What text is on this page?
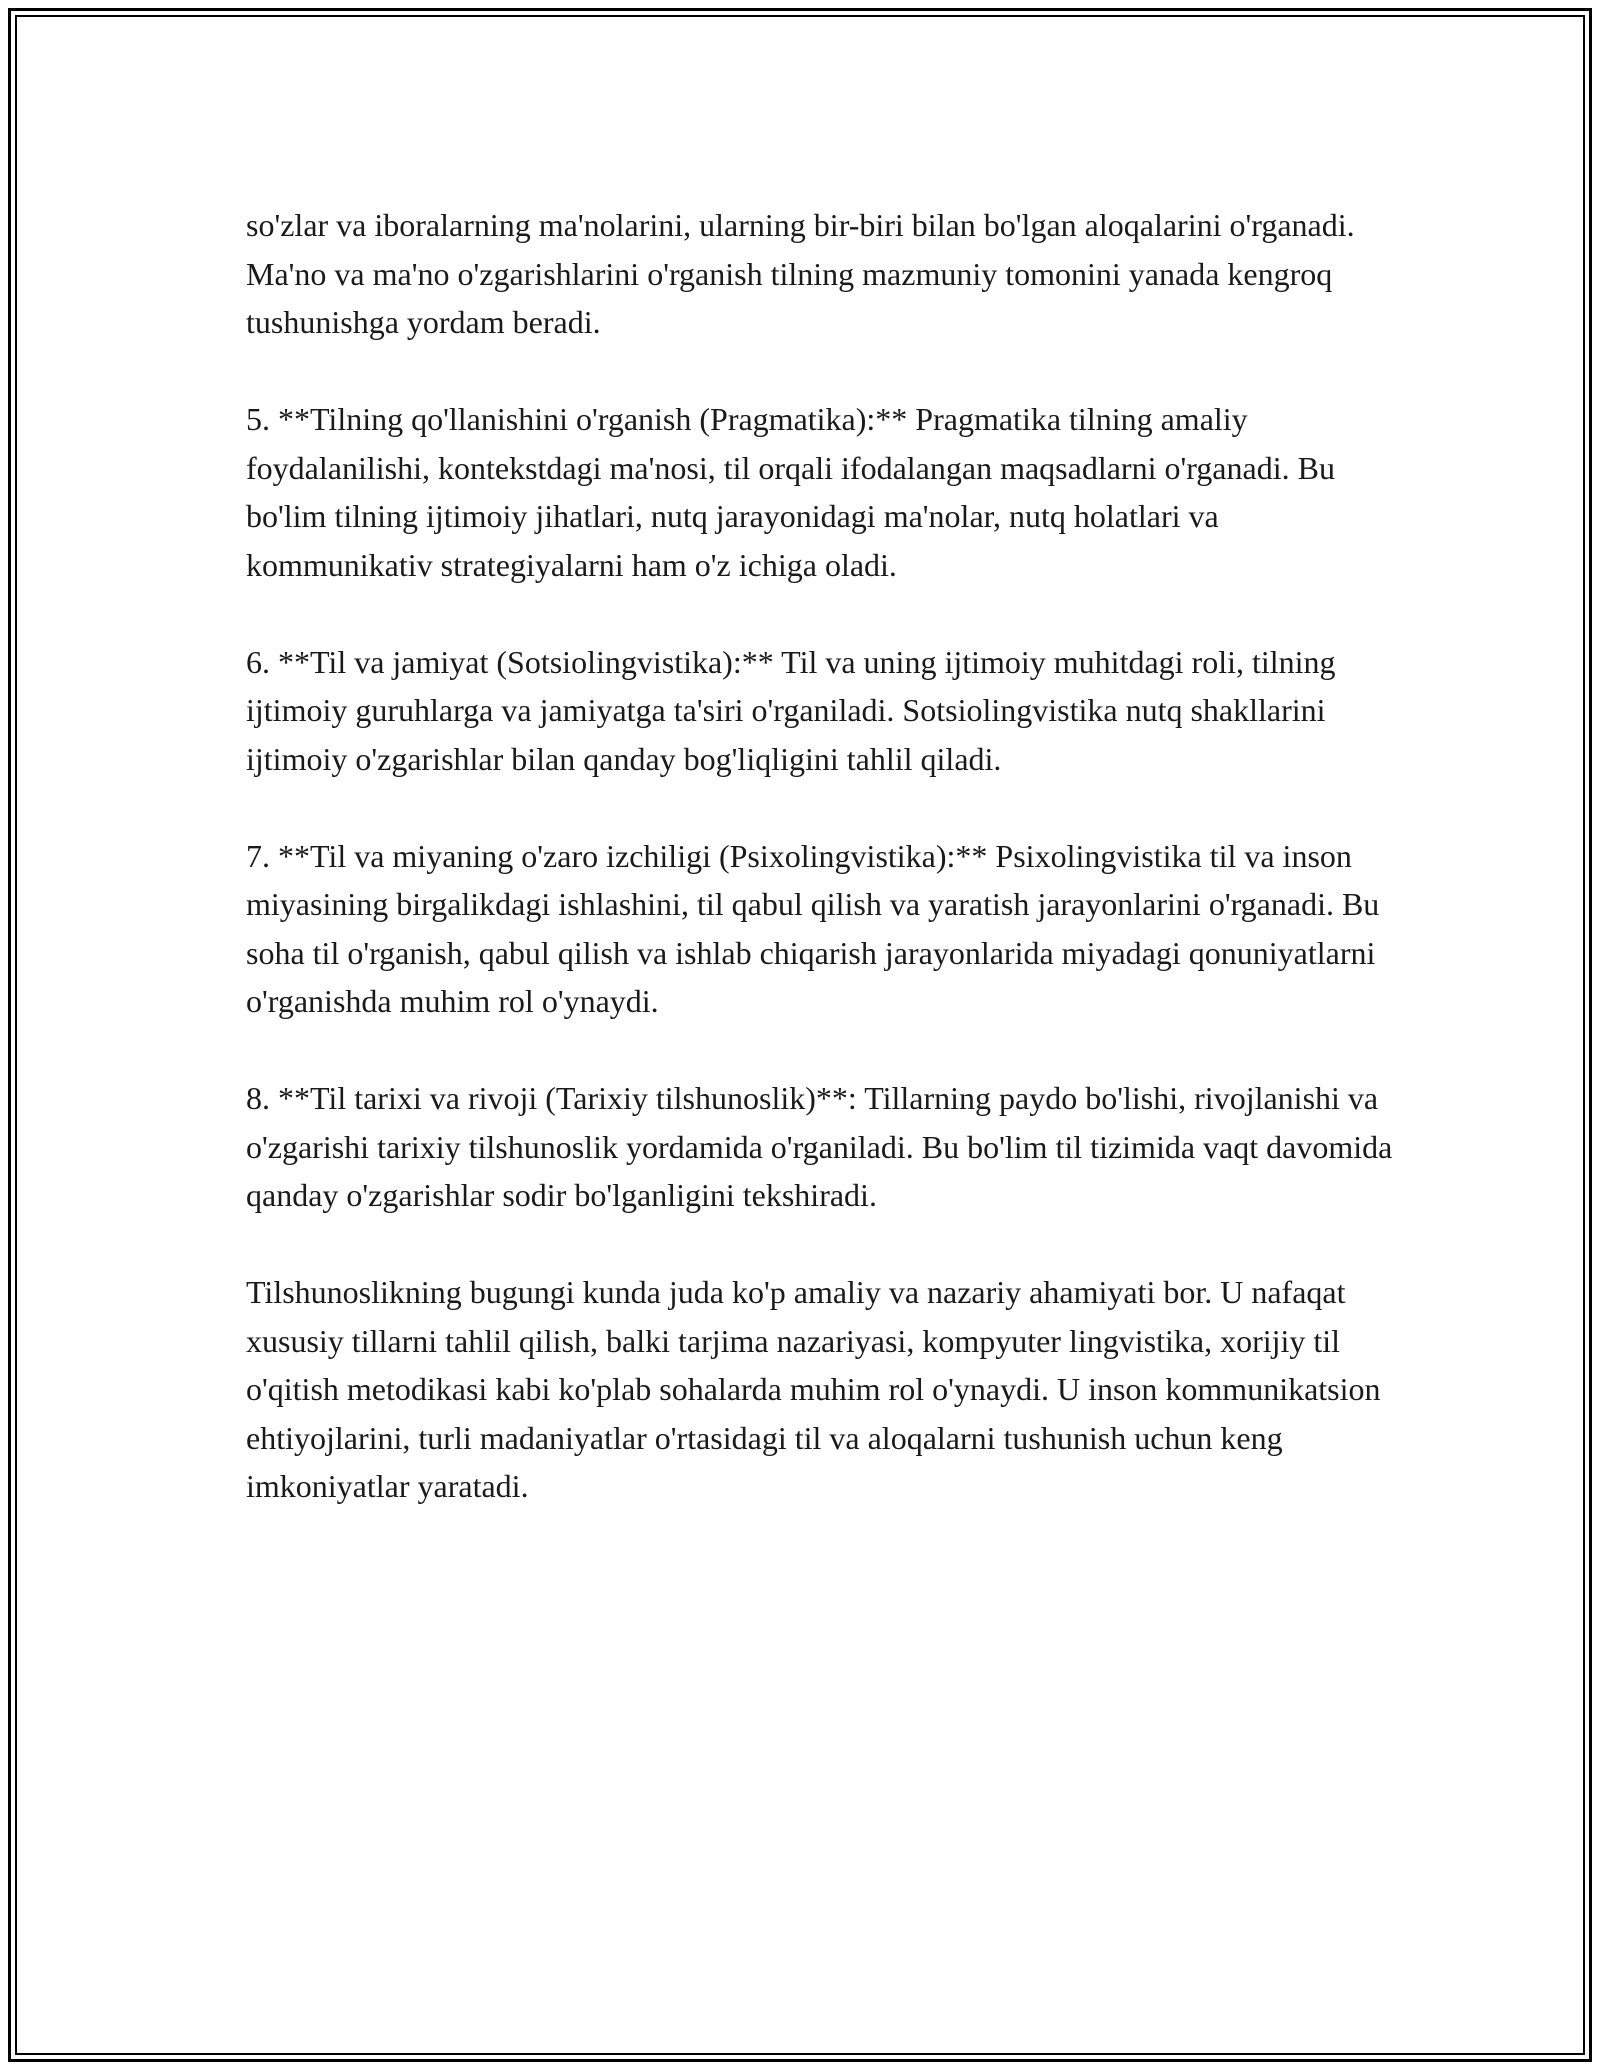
so'zlar va iboralarning ma'nolarini, ularning bir-biri bilan bo'lgan aloqalarini o'rganadi. Ma'no va ma'no o'zgarishlarini o'rganish tilning mazmuniy tomonini yanada kengroq tushunishga yordam beradi.

5. **Tilning qo'llanishini o'rganish (Pragmatika):** Pragmatika tilning amaliy foydalanilishi, kontekstdagi ma'nosi, til orqali ifodalangan maqsadlarni o'rganadi. Bu bo'lim tilning ijtimoiy jihatlari, nutq jarayonidagi ma'nolar, nutq holatlari va kommunikativ strategiyalarni ham o'z ichiga oladi.

6. **Til va jamiyat (Sotsiolingvistika):** Til va uning ijtimoiy muhitdagi roli, tilning ijtimoiy guruhlarga va jamiyatga ta'siri o'rganiladi. Sotsiolingvistika nutq shakllarini ijtimoiy o'zgarishlar bilan qanday bog'liqligini tahlil qiladi.

7. **Til va miyaning o'zaro izchiligi (Psixolingvistika):** Psixolingvistika til va inson miyasining birgalikdagi ishlashini, til qabul qilish va yaratish jarayonlarini o'rganadi. Bu soha til o'rganish, qabul qilish va ishlab chiqarish jarayonlarida miyadagi qonuniyatlarni o'rganishda muhim rol o'ynaydi.

8. **Til tarixi va rivoji (Tarixiy tilshunoslik)**: Tillarning paydo bo'lishi, rivojlanishi va o'zgarishi tarixiy tilshunoslik yordamida o'rganiladi. Bu bo'lim til tizimida vaqt davomida qanday o'zgarishlar sodir bo'lganligini tekshiradi.

Tilshunoslikning bugungi kunda juda ko'p amaliy va nazariy ahamiyati bor. U nafaqat xususiy tillarni tahlil qilish, balki tarjima nazariyasi, kompyuter lingvistika, xorijiy til o'qitish metodikasi kabi ko'plab sohalarda muhim rol o'ynaydi. U inson kommunikatsion ehtiyojlarini, turli madaniyatlar o'rtasidagi til va aloqalarni tushunish uchun keng imkoniyatlar yaratadi.
